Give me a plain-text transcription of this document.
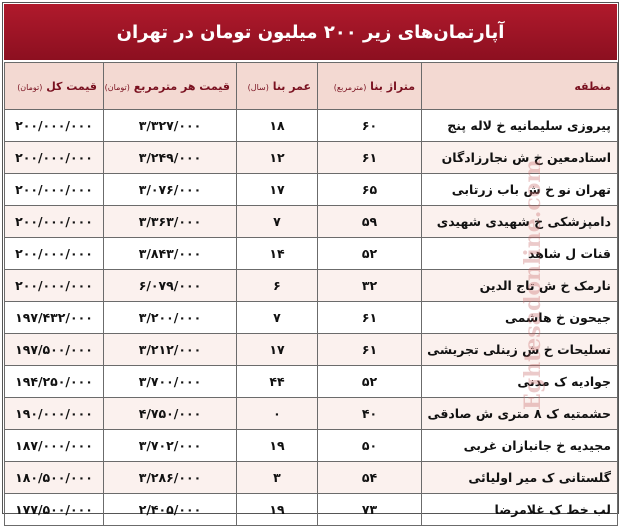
آپارتمان‌های زیر ۲۰۰ میلیون تومان در تهران
منطقه	متراژ بنا (مترمربع)	عمر بنا (سال)	قیمت هر مترمربع (تومان)	قیمت کل (تومان)
پیروزی سلیمانیه خ لاله پنج	۶۰	۱۸	۳/۳۲۷/۰۰۰	۲۰۰/۰۰۰/۰۰۰
استادمعین خ ش نجارزادگان	۶۱	۱۲	۳/۲۴۹/۰۰۰	۲۰۰/۰۰۰/۰۰۰
تهران نو خ ش باب زرتابی	۶۵	۱۷	۳/۰۷۶/۰۰۰	۲۰۰/۰۰۰/۰۰۰
دامپزشکی خ شهیدی شهیدی	۵۹	۷	۳/۳۶۳/۰۰۰	۲۰۰/۰۰۰/۰۰۰
قنات ل شاهد	۵۲	۱۴	۳/۸۴۳/۰۰۰	۲۰۰/۰۰۰/۰۰۰
نارمک خ ش تاج الدین	۳۲	۶	۶/۰۷۹/۰۰۰	۲۰۰/۰۰۰/۰۰۰
جیحون خ هاشمی	۶۱	۷	۳/۲۰۰/۰۰۰	۱۹۷/۴۳۲/۰۰۰
تسلیحات خ ش زینلی تجریشی	۶۱	۱۷	۳/۲۱۲/۰۰۰	۱۹۷/۵۰۰/۰۰۰
جوادیه ک مدنی	۵۲	۴۴	۳/۷۰۰/۰۰۰	۱۹۴/۲۵۰/۰۰۰
حشمتیه ک ۸ متری ش صادقی	۴۰	۰	۴/۷۵۰/۰۰۰	۱۹۰/۰۰۰/۰۰۰
مجیدیه خ جانبازان غربی	۵۰	۱۹	۳/۷۰۲/۰۰۰	۱۸۷/۰۰۰/۰۰۰
گلستانی ک میر اولیائی	۵۴	۳	۳/۲۸۶/۰۰۰	۱۸۰/۵۰۰/۰۰۰
لب خط ک غلامرضا	۷۳	۱۹	۲/۴۰۵/۰۰۰	۱۷۷/۵۰۰/۰۰۰
Eghtesadonline.com
